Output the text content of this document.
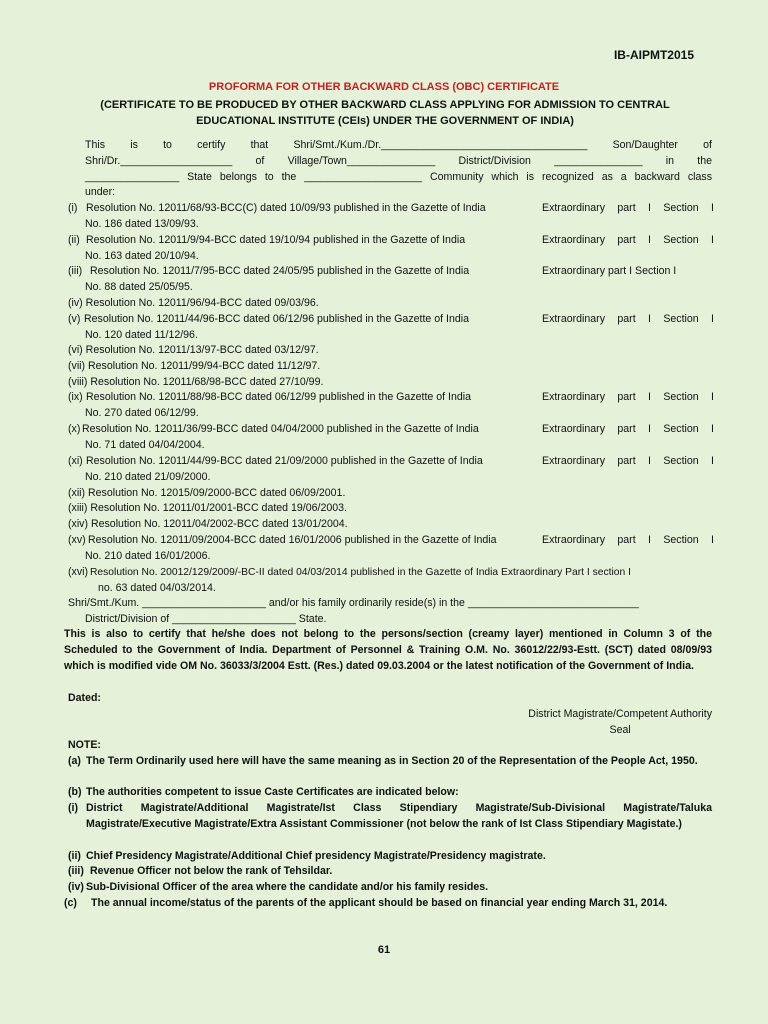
IB-AIPMT2015
PROFORMA FOR OTHER BACKWARD CLASS (OBC) CERTIFICATE
(CERTIFICATE TO BE PRODUCED BY OTHER BACKWARD CLASS APPLYING FOR ADMISSION TO CENTRAL EDUCATIONAL INSTITUTE (CEIs) UNDER THE GOVERNMENT OF INDIA)
This is to certify that Shri/Smt./Kum./Dr.___________________________________ Son/Daughter of
Shri/Dr.___________________ of Village/Town_______________ District/Division _______________ in the
________________ State belongs to the ____________________ Community which is recognized as a backward class
under:
(i) Resolution No. 12011/68/93-BCC(C) dated 10/09/93 published in the Gazette of India	Extraordinary part I Section I
No. 186 dated 13/09/93.
(ii) Resolution No. 12011/9/94-BCC dated 19/10/94 published in the Gazette of India	Extraordinary part I Section I
No. 163 dated 20/10/94.
(iii) Resolution No. 12011/7/95-BCC dated 24/05/95 published in the Gazette of India	Extraordinary part I Section I
No. 88 dated 25/05/95.
(iv) Resolution No. 12011/96/94-BCC dated 09/03/96.
(v) Resolution No. 12011/44/96-BCC dated 06/12/96 published in the Gazette of India	Extraordinary part I Section I
No. 120 dated 11/12/96.
(vi) Resolution No. 12011/13/97-BCC dated 03/12/97.
(vii) Resolution No. 12011/99/94-BCC dated 11/12/97.
(viii) Resolution No. 12011/68/98-BCC dated 27/10/99.
(ix) Resolution No. 12011/88/98-BCC dated 06/12/99 published in the Gazette of India	Extraordinary part I Section I
No. 270 dated 06/12/99.
(x) Resolution No. 12011/36/99-BCC dated 04/04/2000 published in the Gazette of India	Extraordinary part I Section I
No. 71 dated 04/04/2004.
(xi) Resolution No. 12011/44/99-BCC dated 21/09/2000 published in the Gazette of India	Extraordinary part I Section I
No. 210 dated 21/09/2000.
(xii) Resolution No. 12015/09/2000-BCC dated 06/09/2001.
(xiii) Resolution No. 12011/01/2001-BCC dated 19/06/2003.
(xiv) Resolution No. 12011/04/2002-BCC dated 13/01/2004.
(xv) Resolution No. 12011/09/2004-BCC dated 16/01/2006 published in the Gazette of India	Extraordinary part I Section I
No. 210 dated 16/01/2006.
(xvi) Resolution No. 20012/129/2009/-BC-II dated 04/03/2014 published in the Gazette of India Extraordinary Part I section I
no. 63 dated 04/03/2014.
Shri/Smt./Kum. _____________________ and/or his family ordinarily reside(s) in the _____________________________
District/Division of _____________________ State.
This is also to certify that he/she does not belong to the persons/section (creamy layer) mentioned in Column 3 of the Scheduled to the Government of India. Department of Personnel & Training O.M. No. 36012/22/93-Estt. (SCT) dated 08/09/93 which is modified vide OM No. 36033/3/2004 Estt. (Res.) dated 09.03.2004 or the latest notification of the Government of India.
Dated:
District Magistrate/Competent Authority
Seal
NOTE:
(a) The Term Ordinarily used here will have the same meaning as in Section 20 of the Representation of the People Act, 1950.
(b) The authorities competent to issue Caste Certificates are indicated below:
(i) District Magistrate/Additional Magistrate/Ist Class Stipendiary Magistrate/Sub-Divisional Magistrate/Taluka Magistrate/Executive Magistrate/Extra Assistant Commissioner (not below the rank of Ist Class Stipendiary Magistate.)
(ii) Chief Presidency Magistrate/Additional Chief presidency Magistrate/Presidency magistrate.
(iii) Revenue Officer not below the rank of Tehsildar.
(iv) Sub-Divisional Officer of the area where the candidate and/or his family resides.
(c) The annual income/status of the parents of the applicant should be based on financial year ending March 31, 2014.
61
